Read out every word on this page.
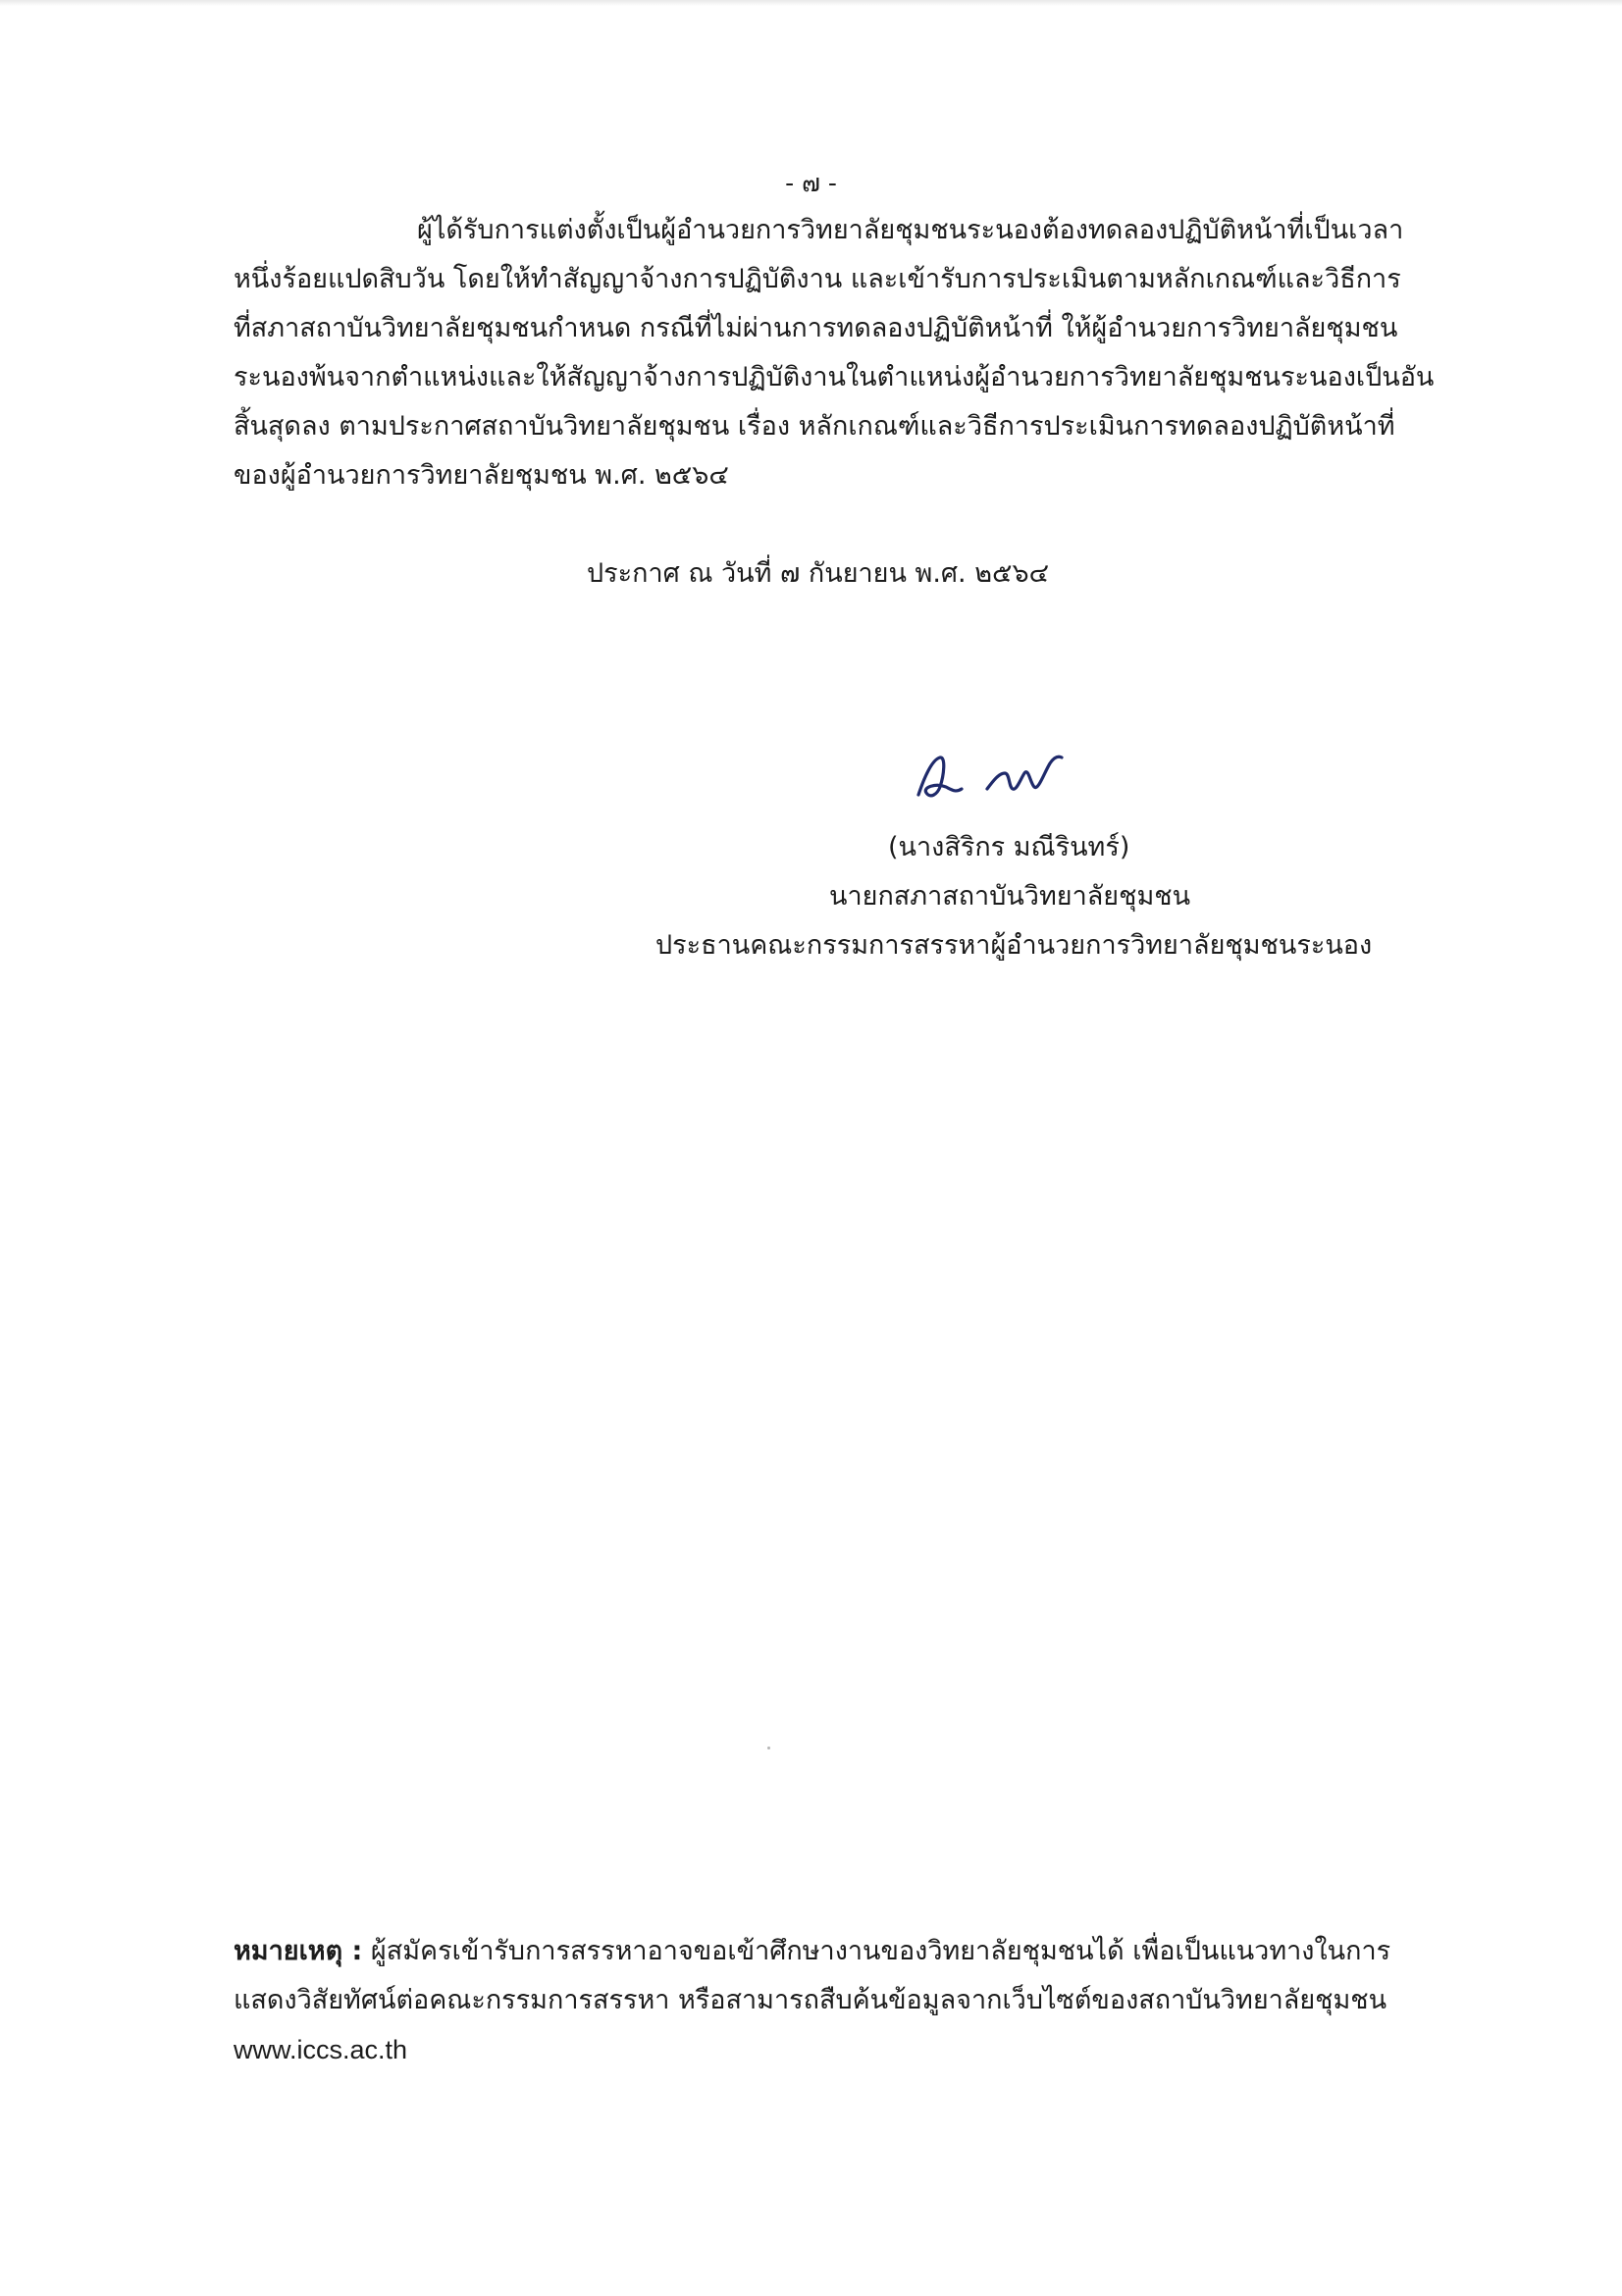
- ๗ -
ผู้ได้รับการแต่งตั้งเป็นผู้อำนวยการวิทยาลัยชุมชนระนองต้องทดลองปฏิบัติหน้าที่เป็นเวลา
หนึ่งร้อยแปดสิบวัน โดยให้ทำสัญญาจ้างการปฏิบัติงาน และเข้ารับการประเมินตามหลักเกณฑ์และวิธีการ
ที่สภาสถาบันวิทยาลัยชุมชนกำหนด กรณีที่ไม่ผ่านการทดลองปฏิบัติหน้าที่ ให้ผู้อำนวยการวิทยาลัยชุมชน
ระนองพ้นจากตำแหน่งและให้สัญญาจ้างการปฏิบัติงานในตำแหน่งผู้อำนวยการวิทยาลัยชุมชนระนองเป็นอัน
สิ้นสุดลง ตามประกาศสถาบันวิทยาลัยชุมชน เรื่อง หลักเกณฑ์และวิธีการประเมินการทดลองปฏิบัติหน้าที่
ของผู้อำนวยการวิทยาลัยชุมชน พ.ศ. ๒๕๖๔
ประกาศ ณ วันที่ ๗ กันยายน พ.ศ. ๒๕๖๔
(นางสิริกร มณีรินทร์)
นายกสภาสถาบันวิทยาลัยชุมชน
ประธานคณะกรรมการสรรหาผู้อำนวยการวิทยาลัยชุมชนระนอง
หมายเหตุ : ผู้สมัครเข้ารับการสรรหาอาจขอเข้าศึกษางานของวิทยาลัยชุมชนได้ เพื่อเป็นแนวทางในการ
แสดงวิสัยทัศน์ต่อคณะกรรมการสรรหา หรือสามารถสืบค้นข้อมูลจากเว็บไซต์ของสถาบันวิทยาลัยชุมชน
www.iccs.ac.th
